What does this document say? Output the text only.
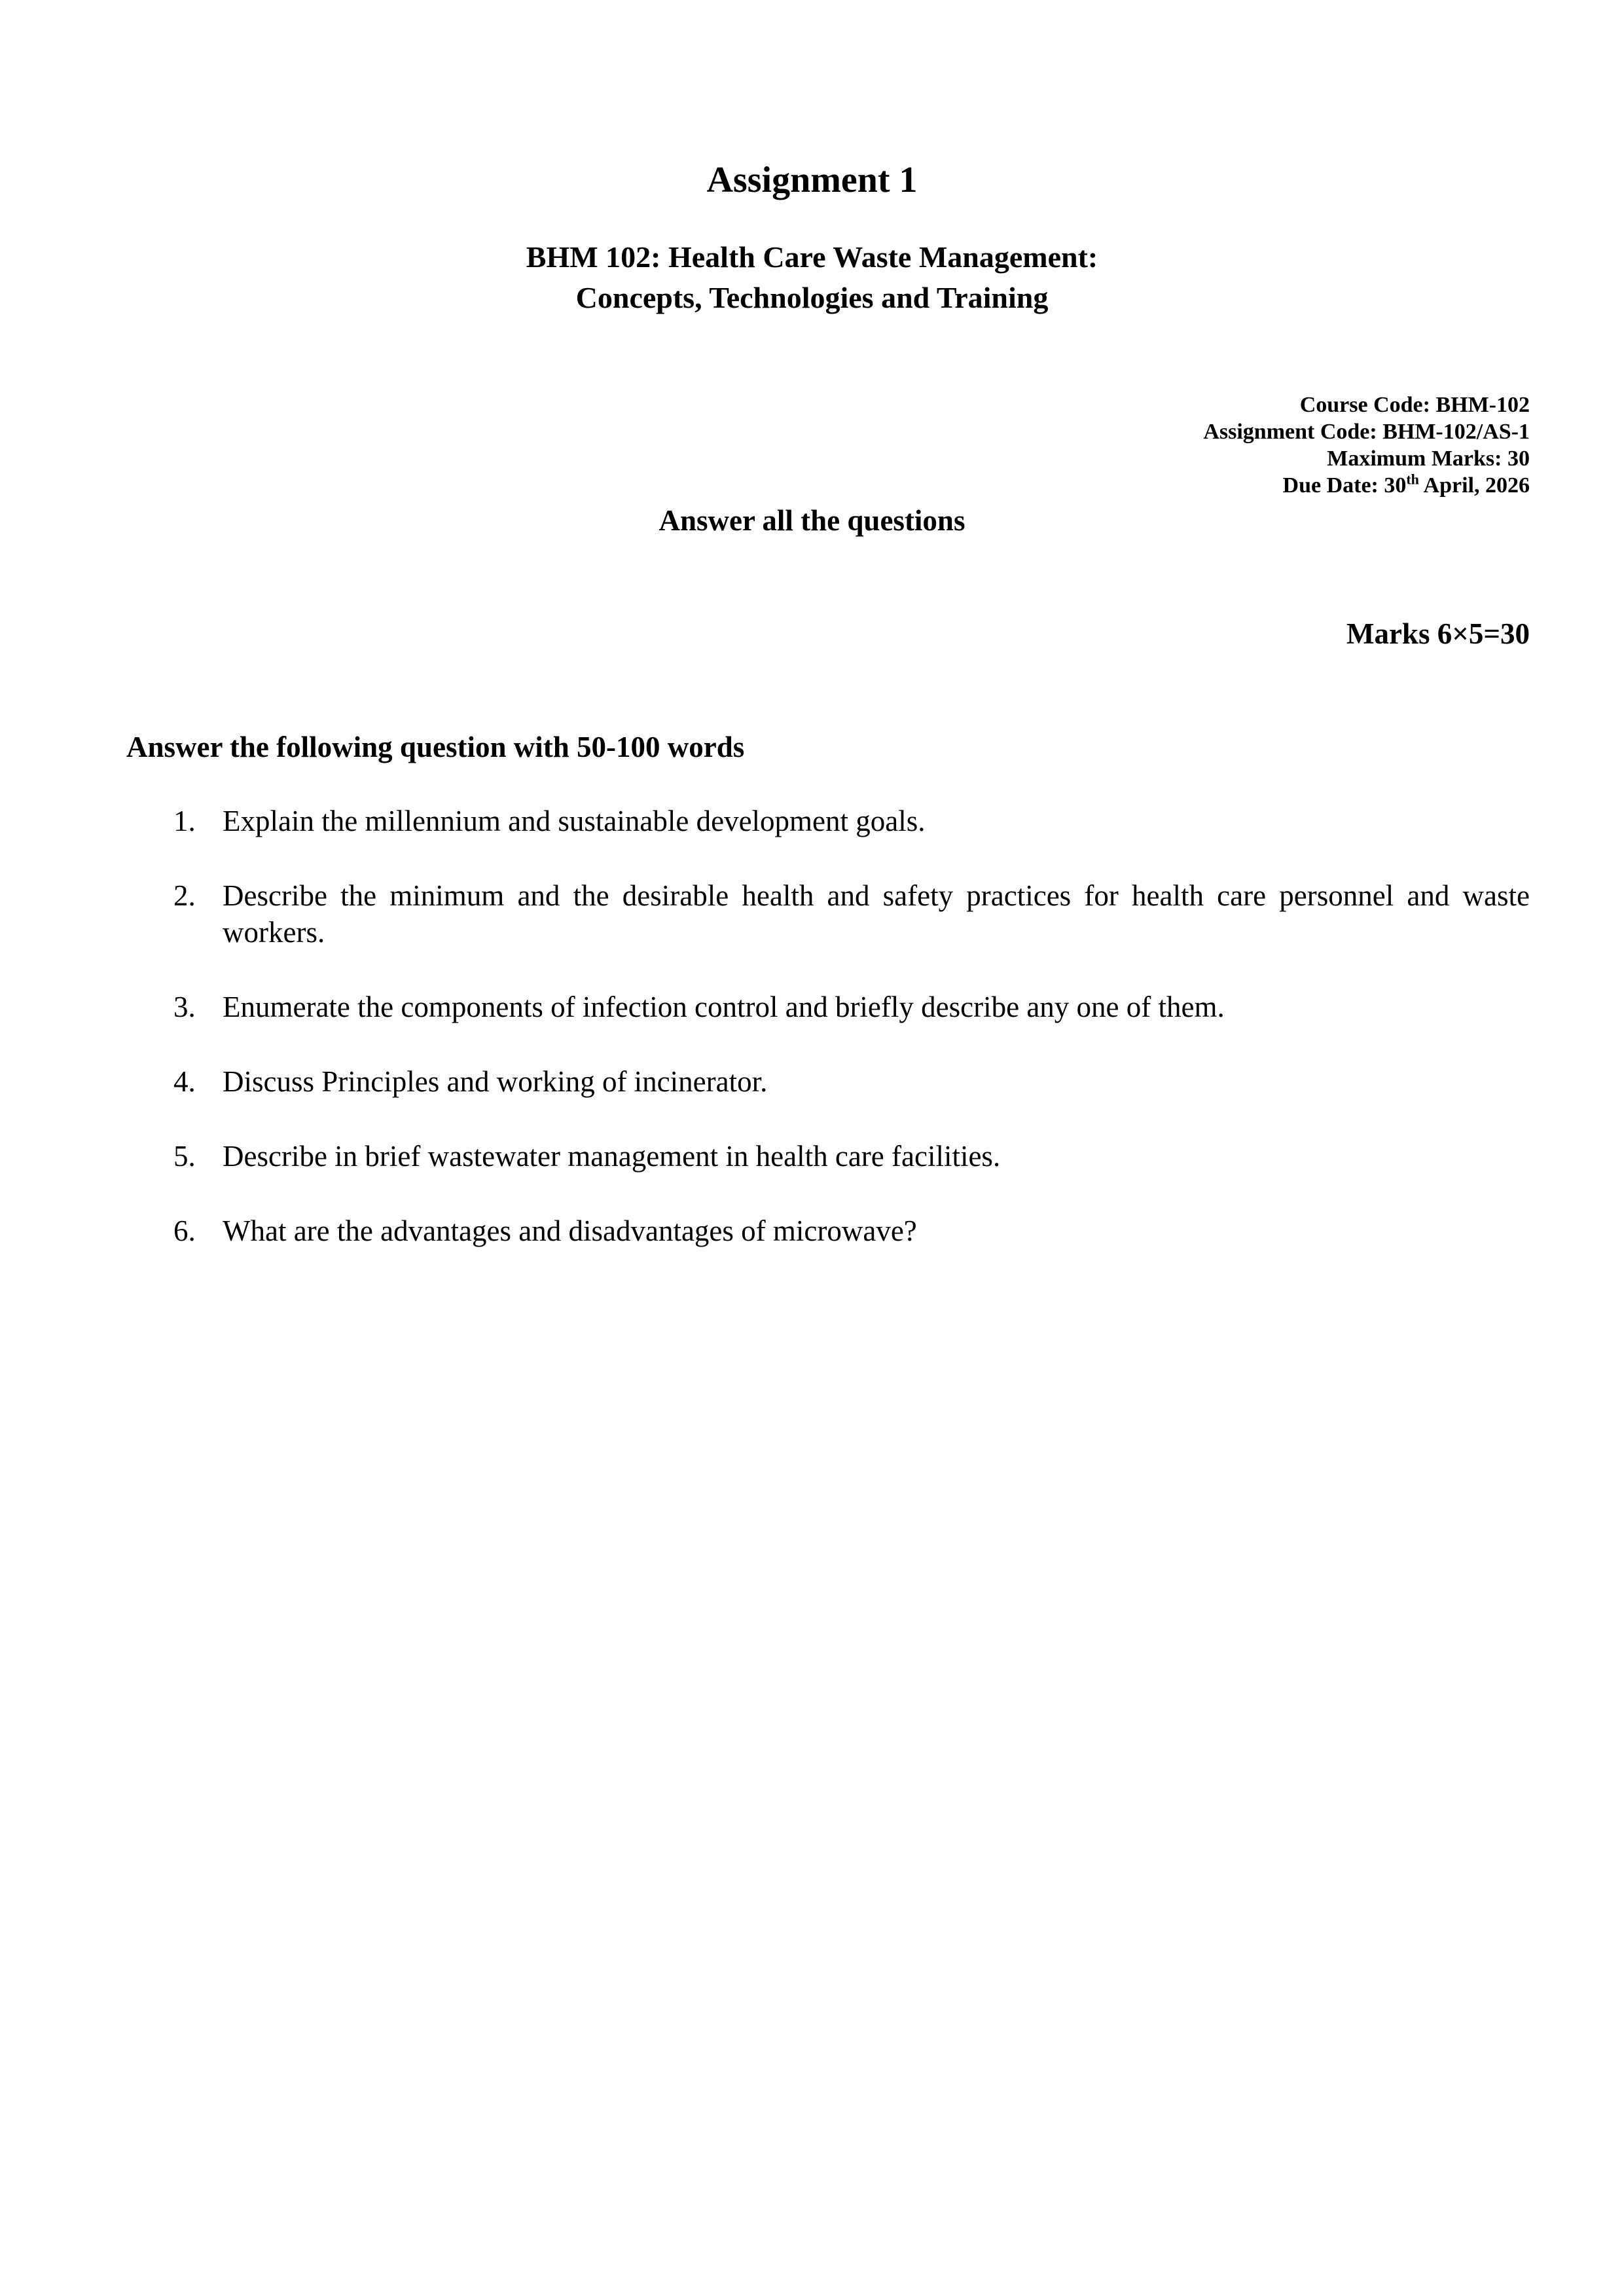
Assignment 1
BHM 102: Health Care Waste Management:
Concepts, Technologies and Training
Course Code: BHM-102
Assignment Code: BHM-102/AS-1
Maximum Marks: 30
Due Date: 30th April, 2026
Answer all the questions
Marks 6×5=30
Answer the following question with 50-100 words
1. Explain the millennium and sustainable development goals.
2. Describe the minimum and the desirable health and safety practices for health care personnel and waste workers.
3. Enumerate the components of infection control and briefly describe any one of them.
4. Discuss Principles and working of incinerator.
5. Describe in brief wastewater management in health care facilities.
6. What are the advantages and disadvantages of microwave?
